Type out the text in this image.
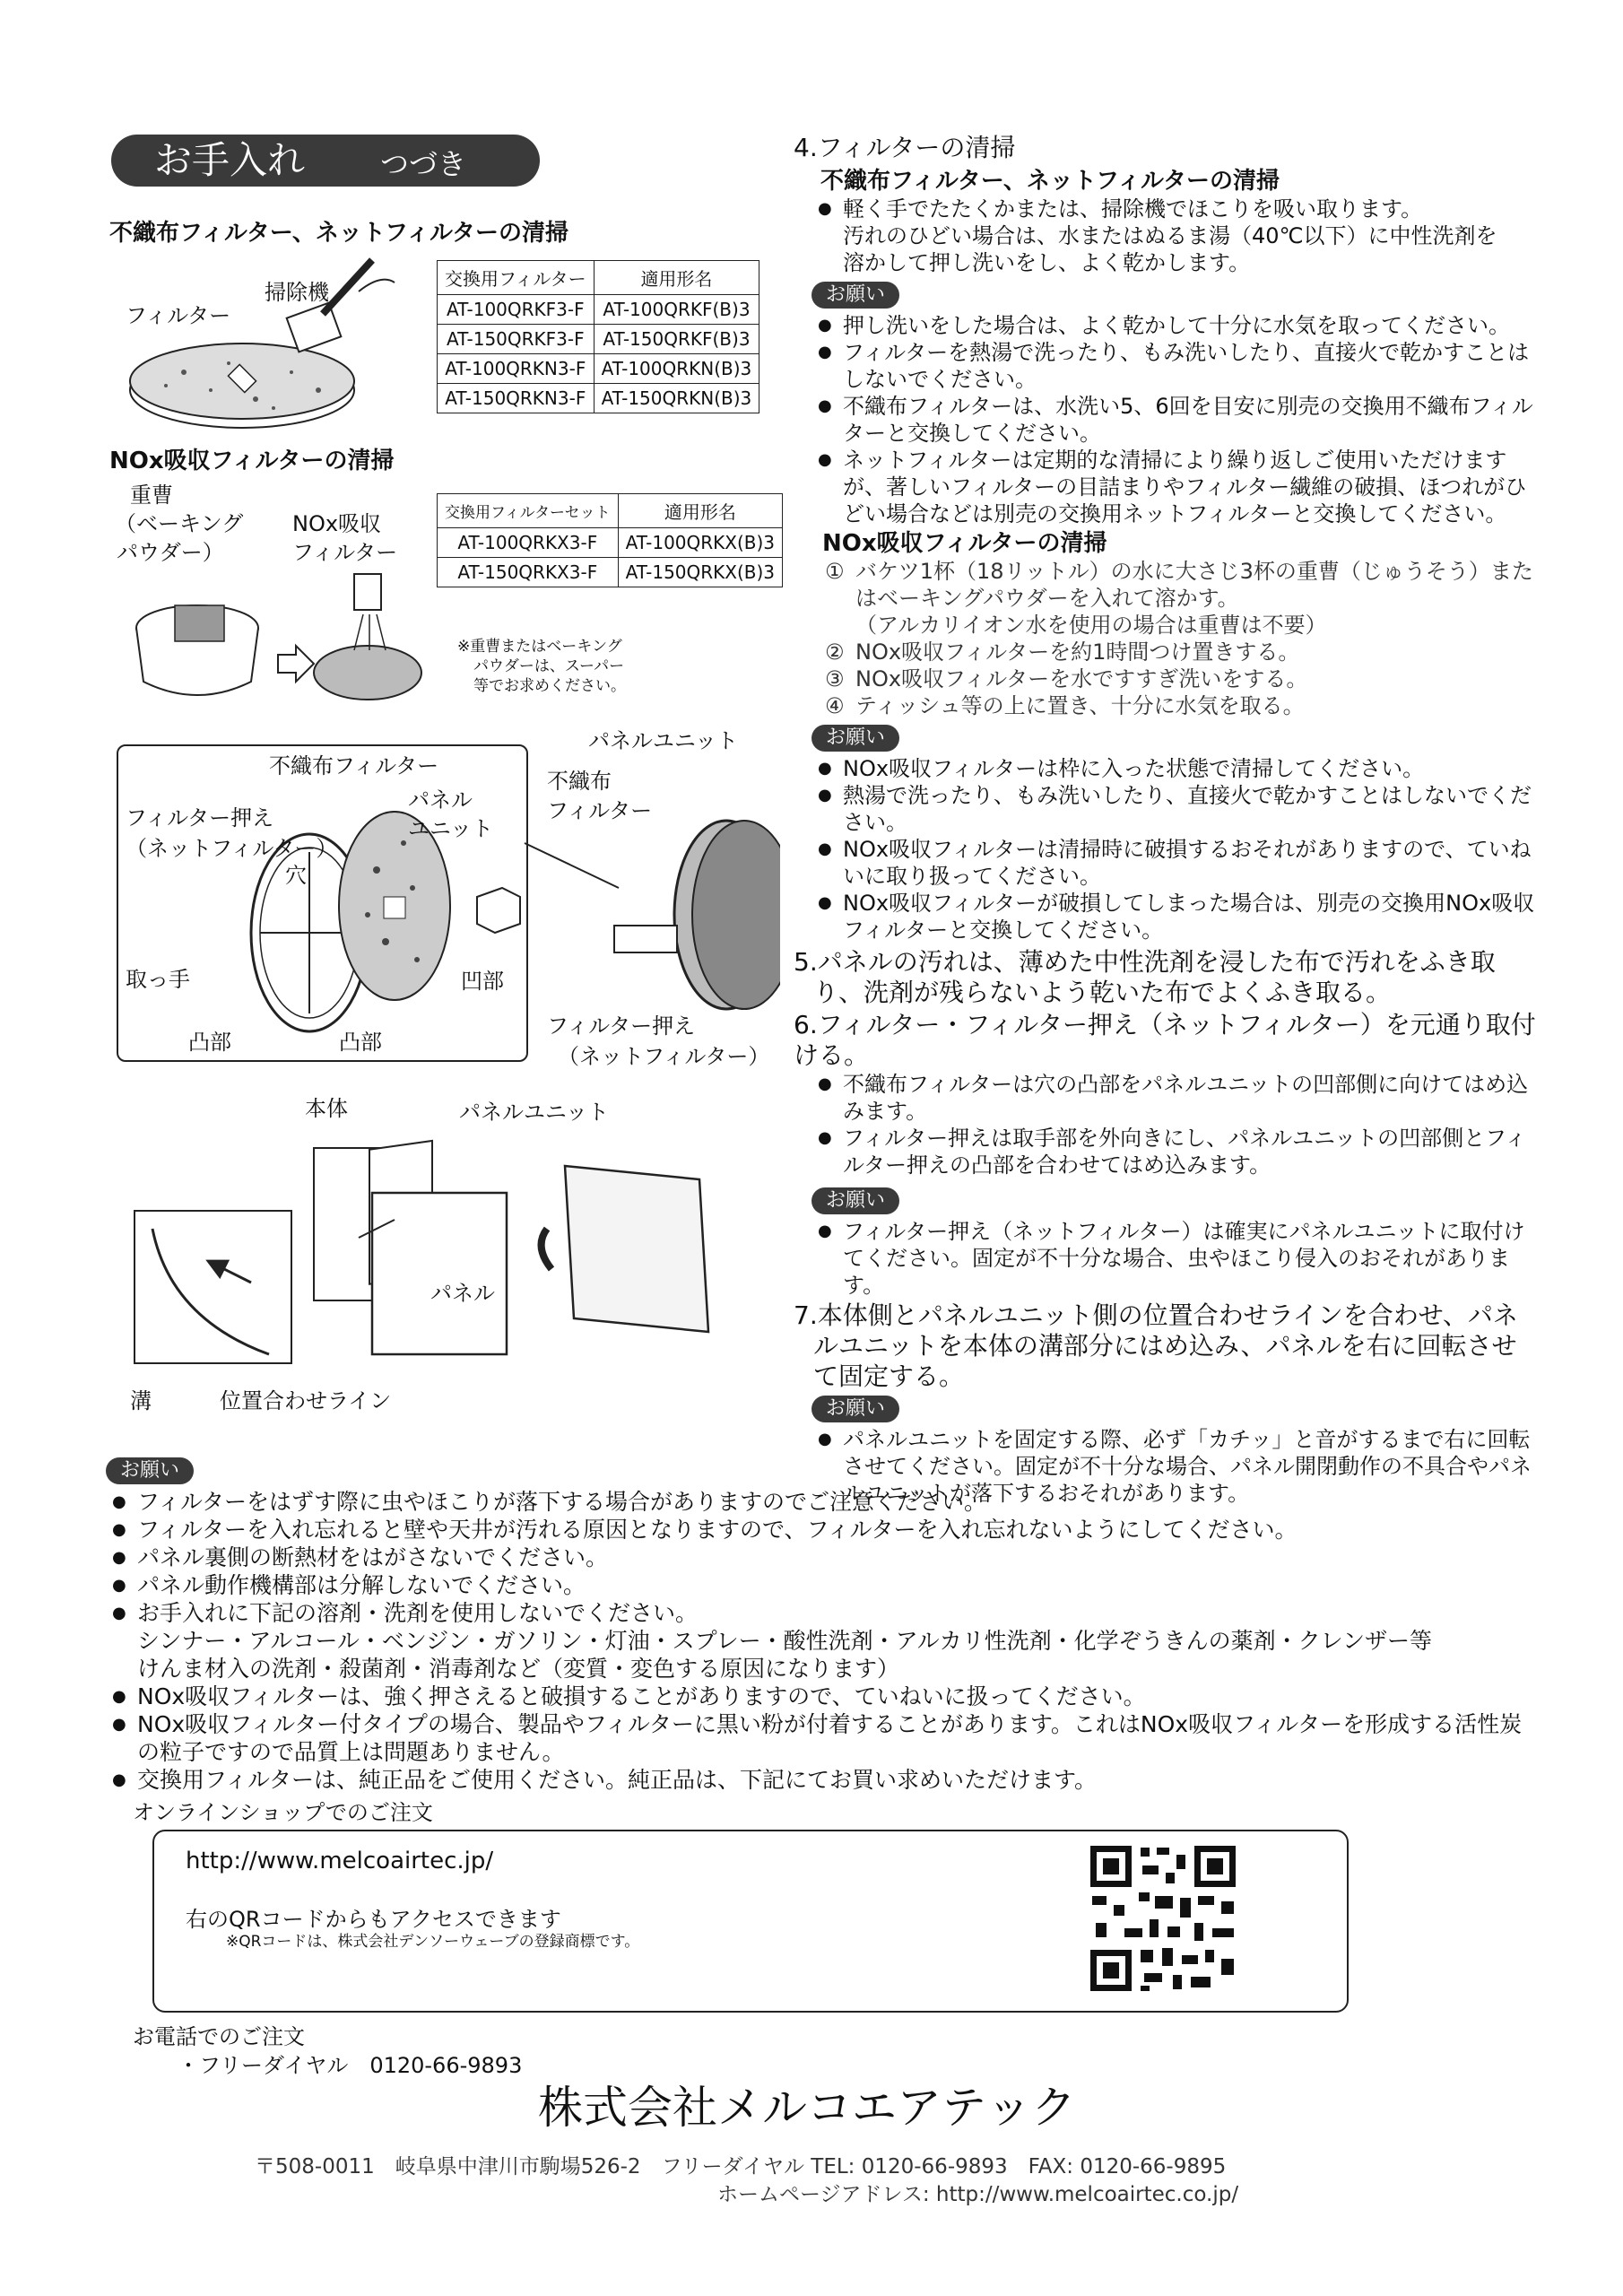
お手入れ	つづき
不織布フィルター、ネットフィルターの清掃
フィルター
掃除機
交換用フィルター	適用形名
AT-100QRKF3-F	AT-100QRKF(B)3
AT-150QRKF3-F	AT-150QRKF(B)3
AT-100QRKN3-F	AT-100QRKN(B)3
AT-150QRKN3-F	AT-150QRKN(B)3
NOx吸収フィルターの清掃
重曹
（ベーキング
パウダー）
NOx吸収
フィルター
交換用フィルターセット	適用形名
AT-100QRKX3-F	AT-100QRKX(B)3
AT-150QRKX3-F	AT-150QRKX(B)3
※重曹またはベーキング
パウダーは、スーパー
等でお求めください。
不織布フィルター
フィルター押え
（ネットフィルター）
パネル
ユニット
穴
取っ手
凸部	凸部
凹部
パネルユニット
不織布
フィルター
フィルター押え
（ネットフィルター）
本体	パネルユニット
パネル
溝	位置合わせライン
4.フィルターの清掃
不織布フィルター、ネットフィルターの清掃
● 軽く手でたたくかまたは、掃除機でほこりを吸い取ります。
汚れのひどい場合は、水またはぬるま湯（40℃以下）に中性洗剤を
溶かして押し洗いをし、よく乾かします。
お願い
● 押し洗いをした場合は、よく乾かして十分に水気を取ってください。
● フィルターを熱湯で洗ったり、もみ洗いしたり、直接火で乾かすことはしないでください。
● 不織布フィルターは、水洗い5、6回を目安に別売の交換用不織布フィルターと交換してください。
● ネットフィルターは定期的な清掃により繰り返しご使用いただけますが、著しいフィルターの目詰まりやフィルター繊維の破損、ほつれがひどい場合などは別売の交換用ネットフィルターと交換してください。
NOx吸収フィルターの清掃
① バケツ1杯（18リットル）の水に大さじ3杯の重曹（じゅうそう）またはベーキングパウダーを入れて溶かす。
（アルカリイオン水を使用の場合は重曹は不要）
② NOx吸収フィルターを約1時間つけ置きする。
③ NOx吸収フィルターを水ですすぎ洗いをする。
④ ティッシュ等の上に置き、十分に水気を取る。
お願い
● NOx吸収フィルターは枠に入った状態で清掃してください。
● 熱湯で洗ったり、もみ洗いしたり、直接火で乾かすことはしないでください。
● NOx吸収フィルターは清掃時に破損するおそれがありますので、ていねいに取り扱ってください。
● NOx吸収フィルターが破損してしまった場合は、別売の交換用NOx吸収フィルターと交換してください。
5.パネルの汚れは、薄めた中性洗剤を浸した布で汚れをふき取り、洗剤が残らないよう乾いた布でよくふき取る。
6.フィルター・フィルター押え（ネットフィルター）を元通り取付ける。
● 不織布フィルターは穴の凸部をパネルユニットの凹部側に向けてはめ込みます。
● フィルター押えは取手部を外向きにし、パネルユニットの凹部側とフィルター押えの凸部を合わせてはめ込みます。
お願い
● フィルター押え（ネットフィルター）は確実にパネルユニットに取付けてください。固定が不十分な場合、虫やほこり侵入のおそれがあります。
7.本体側とパネルユニット側の位置合わせラインを合わせ、パネルユニットを本体の溝部分にはめ込み、パネルを右に回転させて固定する。
お願い
● パネルユニットを固定する際、必ず「カチッ」と音がするまで右に回転させてください。固定が不十分な場合、パネル開閉動作の不具合やパネルユニットが落下するおそれがあります。
お願い
● フィルターをはずす際に虫やほこりが落下する場合がありますのでご注意ください。
● フィルターを入れ忘れると壁や天井が汚れる原因となりますので、フィルターを入れ忘れないようにしてください。
● パネル裏側の断熱材をはがさないでください。
● パネル動作機構部は分解しないでください。
● お手入れに下記の溶剤・洗剤を使用しないでください。
シンナー・アルコール・ベンジン・ガソリン・灯油・スプレー・酸性洗剤・アルカリ性洗剤・化学ぞうきんの薬剤・クレンザー等
けんま材入の洗剤・殺菌剤・消毒剤など（変質・変色する原因になります）
● NOx吸収フィルターは、強く押さえると破損することがありますので、ていねいに扱ってください。
● NOx吸収フィルター付タイプの場合、製品やフィルターに黒い粉が付着することがあります。これはNOx吸収フィルターを形成する活性炭の粒子ですので品質上は問題ありません。
● 交換用フィルターは、純正品をご使用ください。純正品は、下記にてお買い求めいただけます。
オンラインショップでのご注文
http://www.melcoairtec.jp/
右のQRコードからもアクセスできます
※QRコードは、株式会社デンソーウェーブの登録商標です。
お電話でのご注文
・フリーダイヤル　0120-66-9893
株式会社メルコエアテック
〒508-0011　岐阜県中津川市駒場526-2　フリーダイヤル TEL: 0120-66-9893　FAX: 0120-66-9895
ホームページアドレス: http://www.melcoairtec.co.jp/
